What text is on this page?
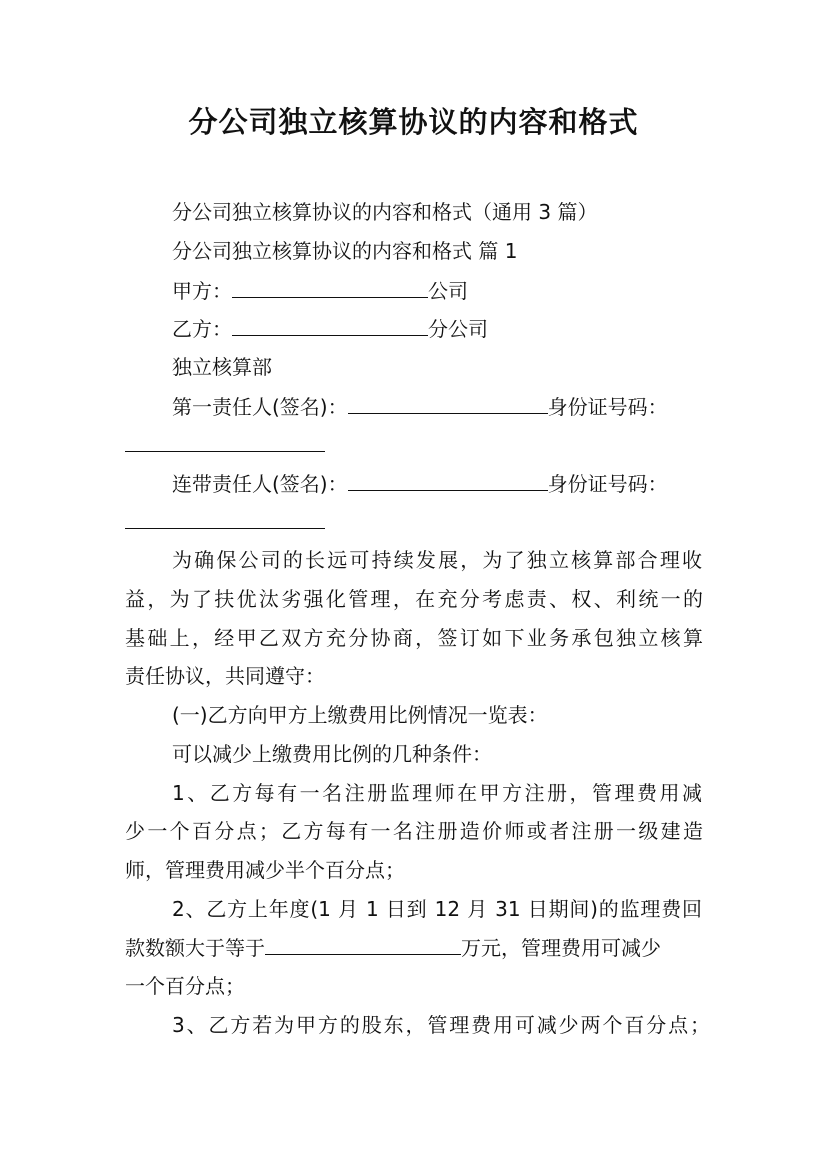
分公司独立核算协议的内容和格式
分公司独立核算协议的内容和格式（通用 3 篇）
分公司独立核算协议的内容和格式 篇 1
甲方：	公司
乙方：	分公司
独立核算部
第一责任人(签名)：	身份证号码：
连带责任人(签名)：	身份证号码：
为确保公司的长远可持续发展，为了独立核算部合理收
益，为了扶优汰劣强化管理，在充分考虑责、权、利统一的
基础上，经甲乙双方充分协商，签订如下业务承包独立核算
责任协议，共同遵守：
(一)乙方向甲方上缴费用比例情况一览表：
可以减少上缴费用比例的几种条件：
1、乙方每有一名注册监理师在甲方注册，管理费用减
少一个百分点；乙方每有一名注册造价师或者注册一级建造
师，管理费用减少半个百分点；
2、乙方上年度(1 月 1 日到 12 月 31 日期间)的监理费回
款数额大于等于	万元，管理费用可减少
一个百分点；
3、乙方若为甲方的股东，管理费用可减少两个百分点；
